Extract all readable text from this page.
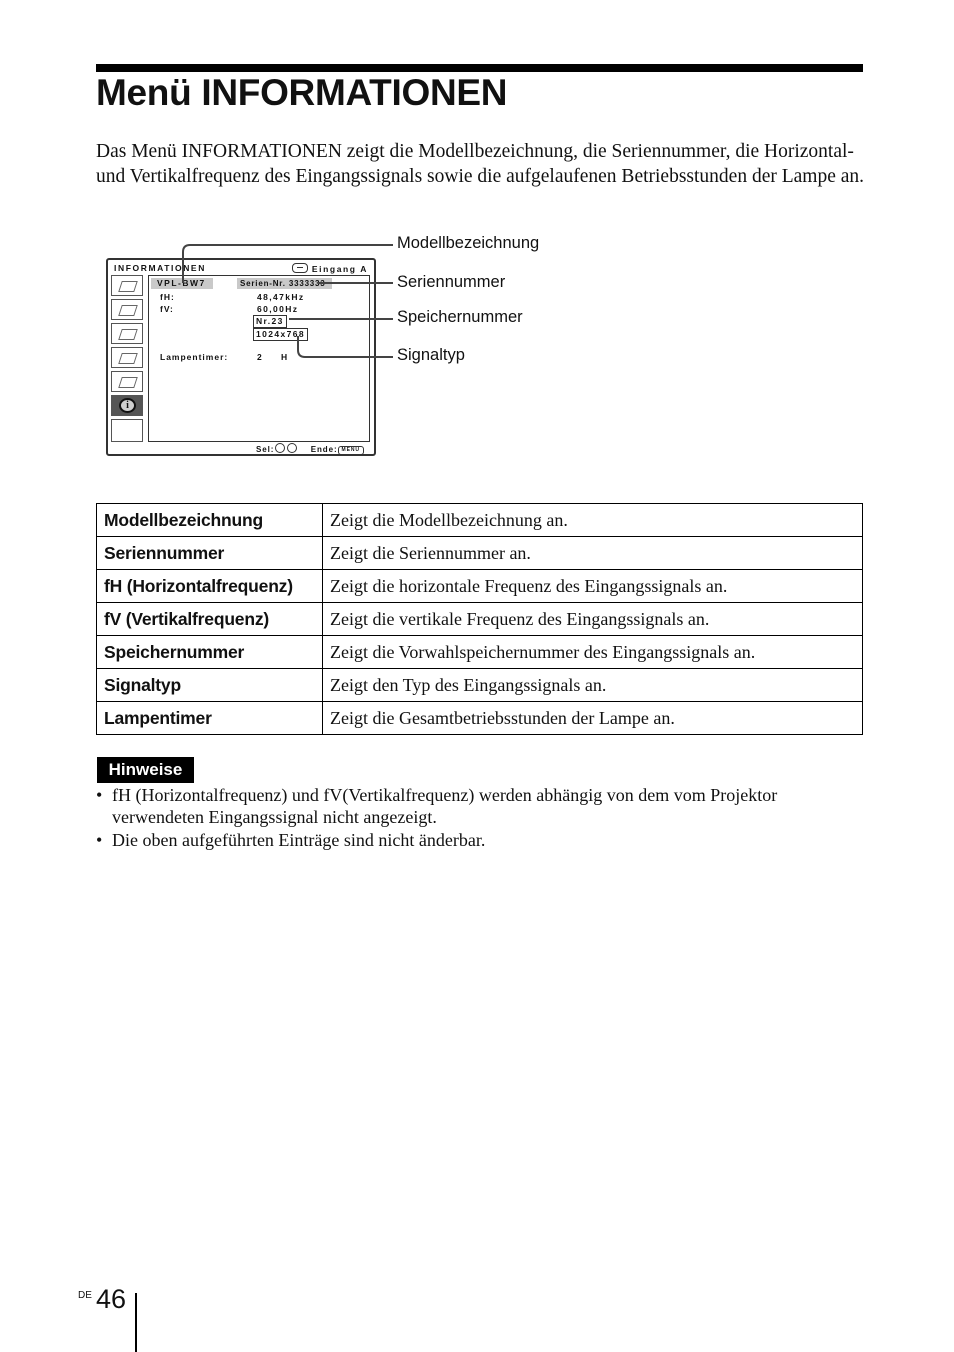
Menü INFORMATIONEN

Das Menü INFORMATIONEN zeigt die Modellbezeichnung, die Seriennummer, die Horizontal- und Vertikalfrequenz des Eingangssignals sowie die aufgelaufenen Betriebsstunden der Lampe an.

INFORMATIONEN	Eingang A
i
VPL-BW7	Serien-Nr. 3333333
fH:	48,47kHz
fV:	60,00Hz
Nr.23
1024x768
Lampentimer:	2 H
Sel:	Ende: MENU
Modellbezeichnung
Seriennummer
Speichernummer
Signaltyp
Modellbezeichnung	Zeigt die Modellbezeichnung an.
Seriennummer	Zeigt die Seriennummer an.
fH (Horizontalfrequenz)	Zeigt die horizontale Frequenz des Eingangssignals an.
fV (Vertikalfrequenz)	Zeigt die vertikale Frequenz des Eingangssignals an.
Speichernummer	Zeigt die Vorwahlspeichernummer des Eingangssignals an.
Signaltyp	Zeigt den Typ des Eingangssignals an.
Lampentimer	Zeigt die Gesamtbetriebsstunden der Lampe an.
Hinweise
• fH (Horizontalfrequenz) und fV(Vertikalfrequenz) werden abhängig von dem vom Projektor verwendeten Eingangssignal nicht angezeigt.
• Die oben aufgeführten Einträge sind nicht änderbar.
DE 46
